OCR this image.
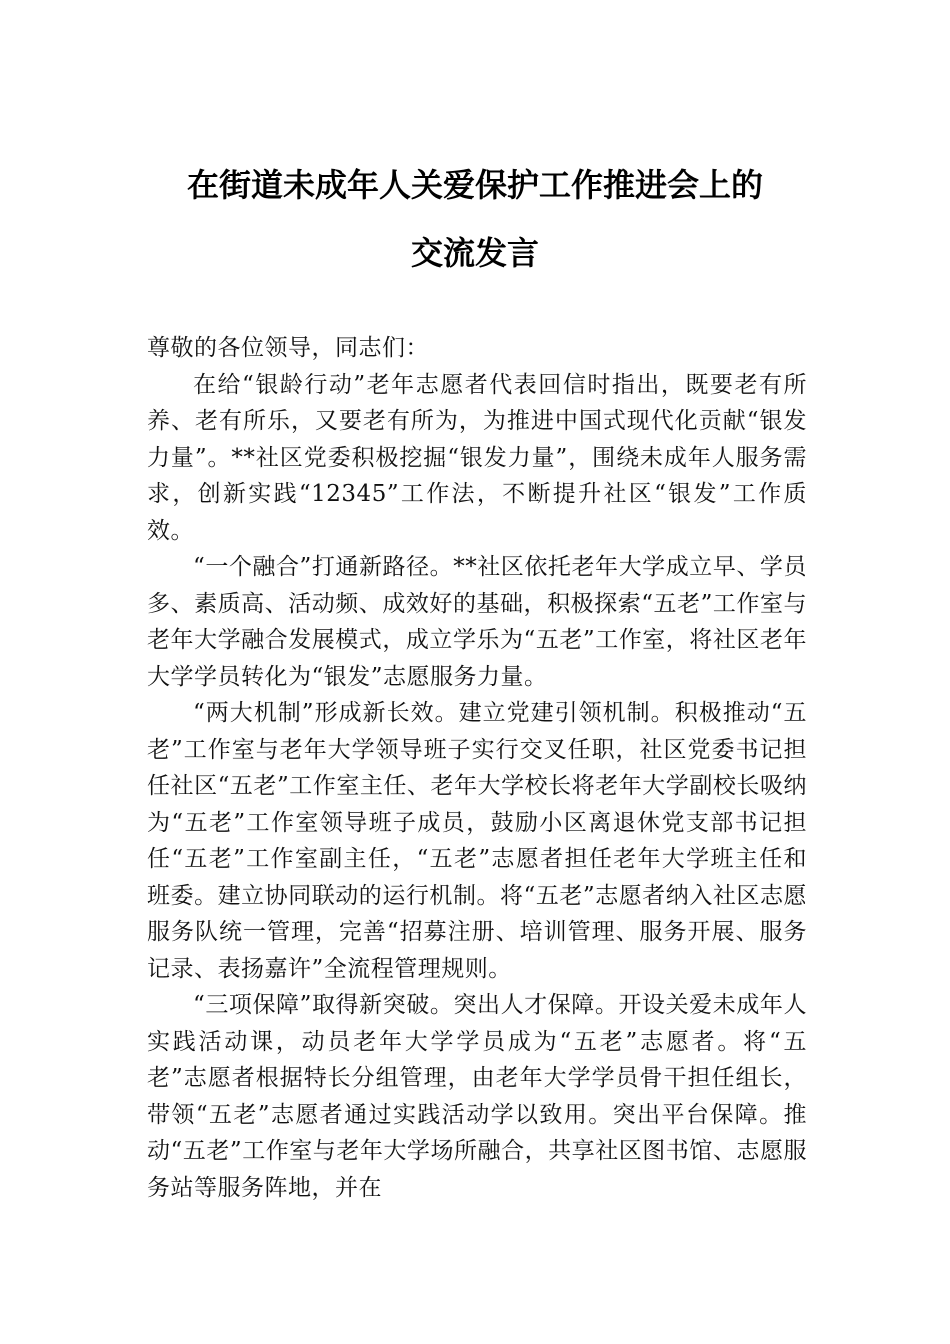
在街道未成年人关爱保护工作推进会上的
交流发言

尊敬的各位领导，同志们：

在给“银龄行动”老年志愿者代表回信时指出，既要老有所养、老有所乐，又要老有所为，为推进中国式现代化贡献“银发力量”。**社区党委积极挖掘“银发力量”，围绕未成年人服务需求，创新实践“12345”工作法，不断提升社区“银发”工作质效。

“一个融合”打通新路径。**社区依托老年大学成立早、学员多、素质高、活动频、成效好的基础，积极探索“五老”工作室与老年大学融合发展模式，成立学乐为“五老”工作室，将社区老年大学学员转化为“银发”志愿服务力量。

“两大机制”形成新长效。建立党建引领机制。积极推动“五老”工作室与老年大学领导班子实行交叉任职，社区党委书记担任社区“五老”工作室主任、老年大学校长将老年大学副校长吸纳为“五老”工作室领导班子成员，鼓励小区离退休党支部书记担任“五老”工作室副主任，“五老”志愿者担任老年大学班主任和班委。建立协同联动的运行机制。将“五老”志愿者纳入社区志愿服务队统一管理，完善“招募注册、培训管理、服务开展、服务记录、表扬嘉许”全流程管理规则。

“三项保障”取得新突破。突出人才保障。开设关爱未成年人实践活动课，动员老年大学学员成为“五老”志愿者。将“五老”志愿者根据特长分组管理，由老年大学学员骨干担任组长，带领“五老”志愿者通过实践活动学以致用。突出平台保障。推动“五老”工作室与老年大学场所融合，共享社区图书馆、志愿服务站等服务阵地，并在
